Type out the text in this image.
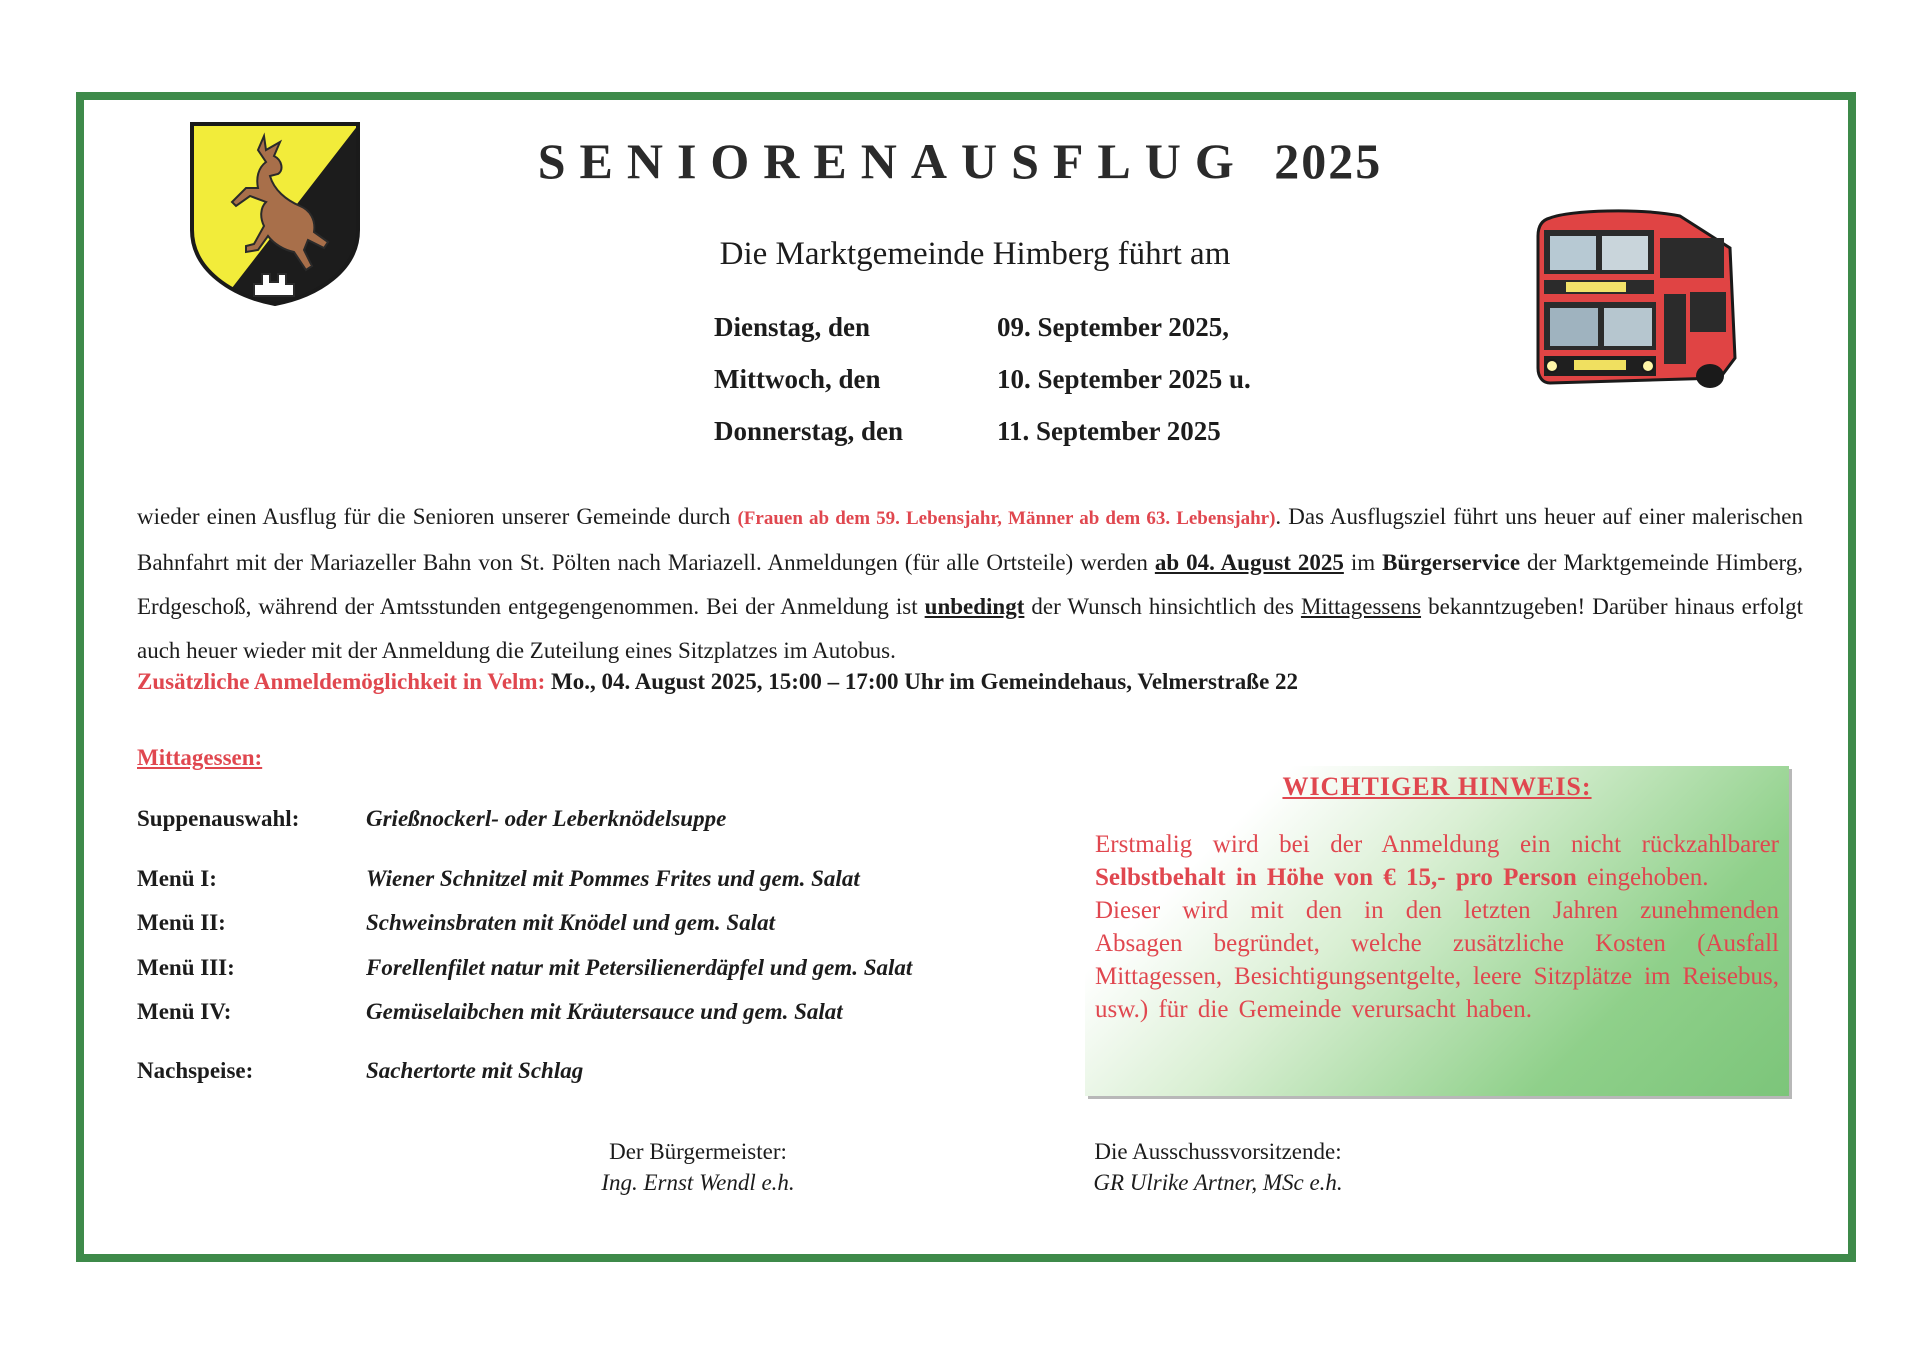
SENIORENAUSFLUG 2025
Die Marktgemeinde Himberg führt am
Dienstag, den	09. September 2025,
Mittwoch, den	10. September 2025 u.
Donnerstag, den	11. September 2025
wieder einen Ausflug für die Senioren unserer Gemeinde durch (Frauen ab dem 59. Lebensjahr, Männer ab dem 63. Lebensjahr). Das Ausflugsziel führt uns heuer auf einer malerischen Bahnfahrt mit der Mariazeller Bahn von St. Pölten nach Mariazell. Anmeldungen (für alle Ortsteile) werden ab 04. August 2025 im Bürgerservice der Marktgemeinde Himberg, Erdgeschoß, während der Amtsstunden entgegengenommen. Bei der Anmeldung ist unbedingt der Wunsch hinsichtlich des Mittagessens bekanntzugeben! Darüber hinaus erfolgt auch heuer wieder mit der Anmeldung die Zuteilung eines Sitzplatzes im Autobus.
Zusätzliche Anmeldemöglichkeit in Velm: Mo., 04. August 2025, 15:00 – 17:00 Uhr im Gemeindehaus, Velmerstraße 22
Mittagessen:
Suppenauswahl:	Grießnockerl- oder Leberknödelsuppe
Menü I:	Wiener Schnitzel mit Pommes Frites und gem. Salat
Menü II:	Schweinsbraten mit Knödel und gem. Salat
Menü III:	Forellenfilet natur mit Petersilienerdäpfel und gem. Salat
Menü IV:	Gemüselaibchen mit Kräutersauce und gem. Salat
Nachspeise:	Sachertorte mit Schlag
WICHTIGER HINWEIS:
Erstmalig wird bei der Anmeldung ein nicht rückzahlbarer Selbstbehalt in Höhe von € 15,- pro Person eingehoben.
Dieser wird mit den in den letzten Jahren zunehmenden Absagen begründet, welche zusätzliche Kosten (Ausfall Mittagessen, Besichtigungsentgelte, leere Sitzplätze im Reisebus, usw.) für die Gemeinde verursacht haben.
Der Bürgermeister:
Ing. Ernst Wendl e.h.
Die Ausschussvorsitzende:
GR Ulrike Artner, MSc e.h.
